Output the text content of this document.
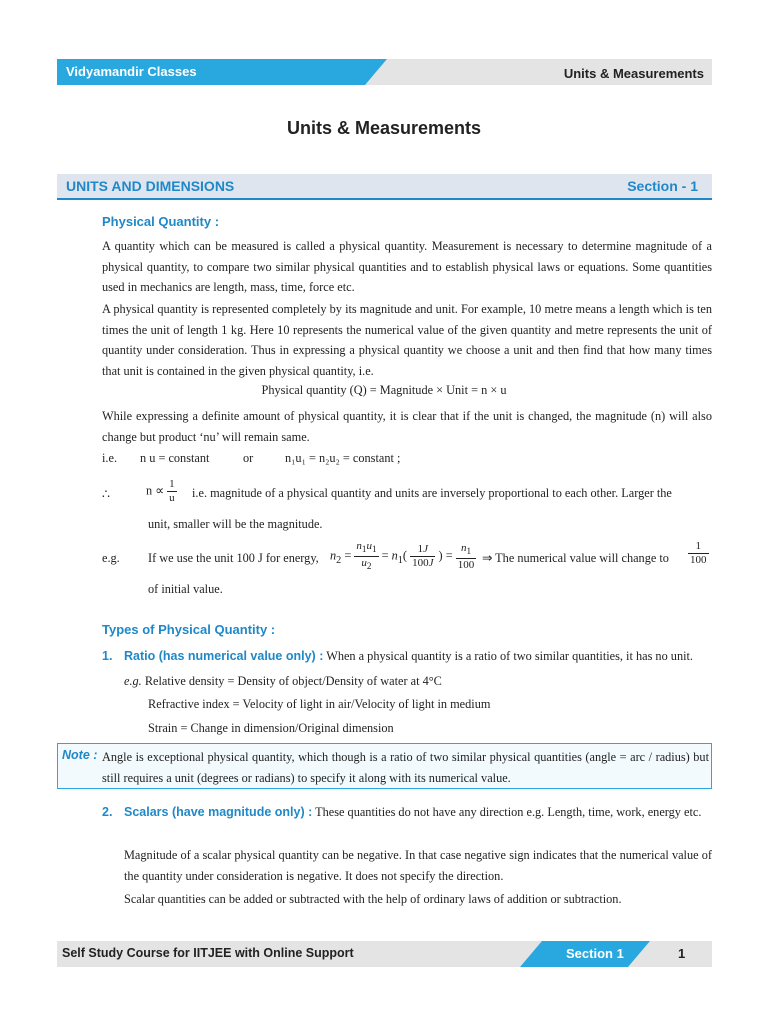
Vidyamandir Classes	Units & Measurements
Units & Measurements
UNITS AND DIMENSIONS	Section - 1
Physical Quantity :
A quantity which can be measured is called a physical quantity. Measurement is necessary to determine magnitude of a physical quantity, to compare two similar physical quantities and to establish physical laws or equations. Some quantities used in mechanics are length, mass, time, force etc.
A physical quantity is represented completely by its magnitude and unit. For example, 10 metre means a length which is ten times the unit of length 1 kg. Here 10 represents the numerical value of the given quantity and metre represents the unit of quantity under consideration. Thus in expressing a physical quantity we choose a unit and then find that how many times that unit is contained in the given physical quantity, i.e.
Physical quantity (Q) = Magnitude × Unit = n × u
While expressing a definite amount of physical quantity, it is clear that if the unit is changed, the magnitude (n) will also change but product ‘nu’ will remain same.
i.e. n u = constant	or	n₁u₁ = n₂u₂ = constant ;
∴	$n \propto \frac{1}{u} i.e$. magnitude of a physical quantity and units are inversely proportional to each other. Larger the
unit, smaller will be the magnitude.
e.g. If we use the unit 100 J for energy, $n_2 = \frac{n_1u_1}{u_2} = n_1( \frac{1J}{100J}$ ) = $\frac{n_1}{100}$ ⇒ The numerical value will change to $\frac{1}{100}$
of initial value.
Types of Physical Quantity :
1. Ratio (has numerical value only) : When a physical quantity is a ratio of two similar quantities, it has no unit.
e.g. Relative density = Density of object/Density of water at 4°C
Refractive index = Velocity of light in air/Velocity of light in medium
Strain = Change in dimension/Original dimension
Note : Angle is exceptional physical quantity, which though is a ratio of two similar physical quantities (angle = arc / radius) but still requires a unit (degrees or radians) to specify it along with its numerical value.
2. Scalars (have magnitude only) : These quantities do not have any direction e.g. Length, time, work, energy etc.
Magnitude of a scalar physical quantity can be negative. In that case negative sign indicates that the numerical value of the quantity under consideration is negative. It does not specify the direction.
Scalar quantities can be added or subtracted with the help of ordinary laws of addition or subtraction.
Self Study Course for IITJEE with Online Support	Section 1	1
